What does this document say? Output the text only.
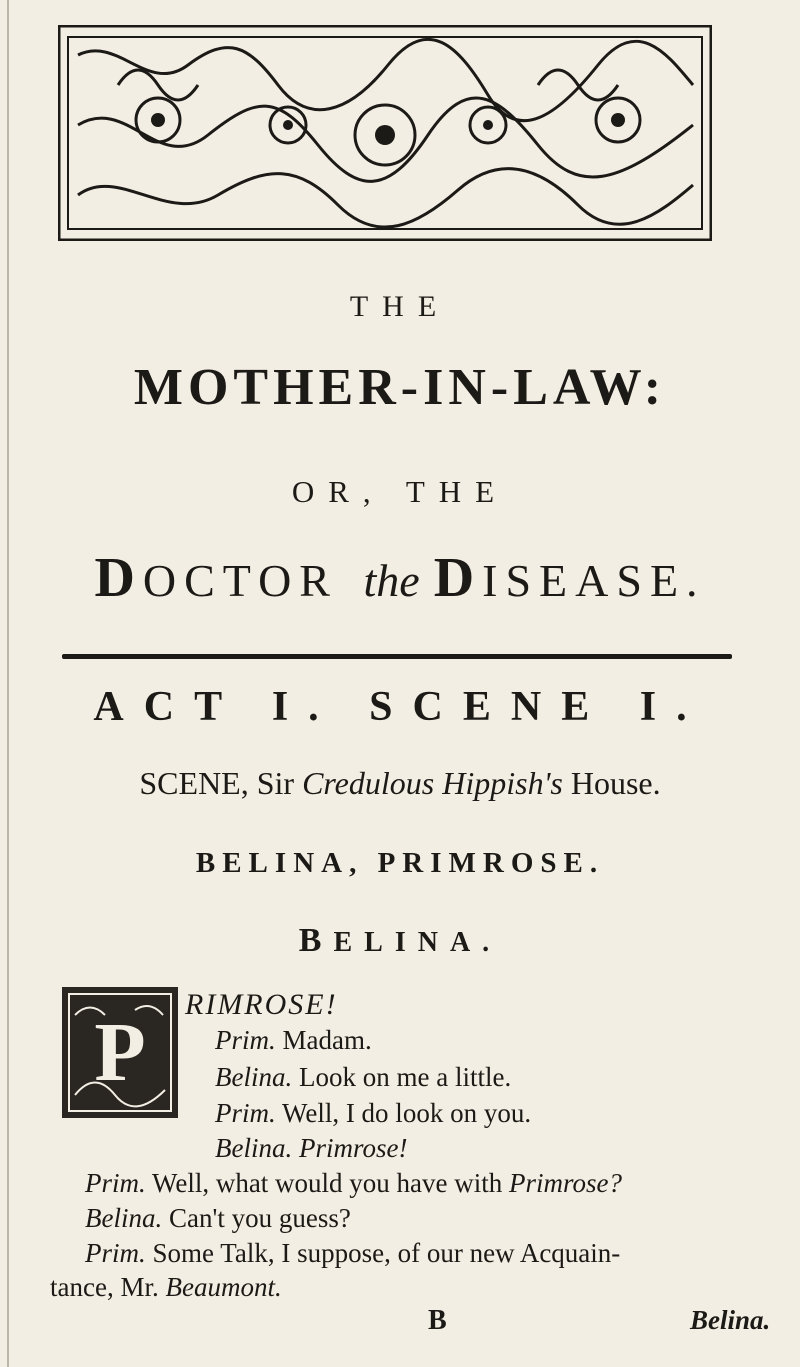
THE
MOTHER-IN-LAW:
OR, THE
DOCTOR the DISEASE.
ACT I. SCENE I.
SCENE, Sir Credulous Hippish's House.
BELINA, PRIMROSE.
BELINA.
P
RIMROSE!
Prim. Madam.
Belina. Look on me a little.
Prim. Well, I do look on you.
Belina. Primrose!
Prim. Well, what would you have with Primrose?
Belina. Can't you guess?
Prim. Some Talk, I suppose, of our new Acquain-
tance, Mr. Beaumont.
B	Belina.
